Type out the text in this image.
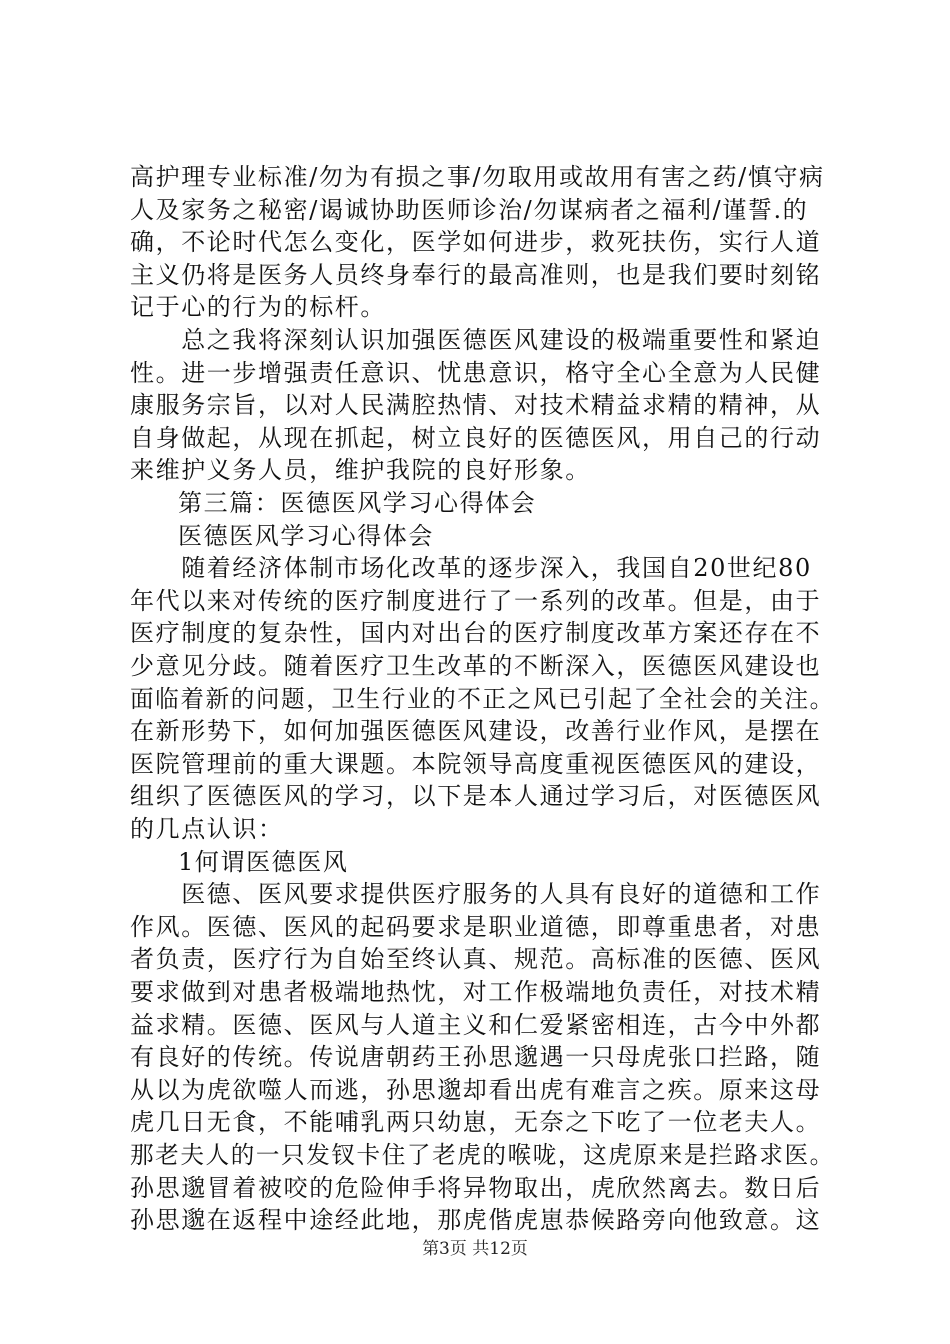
高护理专业标准/勿为有损之事/勿取用或故用有害之药/慎守病
人及家务之秘密/谒诚协助医师诊治/勿谋病者之福利/谨誓.的
确，不论时代怎么变化，医学如何进步，救死扶伤，实行人道
主义仍将是医务人员终身奉行的最高准则，也是我们要时刻铭
记于心的行为的标杆。
　　总之我将深刻认识加强医德医风建设的极端重要性和紧迫
性。进一步增强责任意识、忧患意识，格守全心全意为人民健
康服务宗旨，以对人民满腔热情、对技术精益求精的精神，从
自身做起，从现在抓起，树立良好的医德医风，用自己的行动
来维护义务人员，维护我院的良好形象。
第三篇：医德医风学习心得体会
医德医风学习心得体会
　　随着经济体制市场化改革的逐步深入，我国自20世纪80
年代以来对传统的医疗制度进行了一系列的改革。但是，由于
医疗制度的复杂性，国内对出台的医疗制度改革方案还存在不
少意见分歧。随着医疗卫生改革的不断深入，医德医风建设也
面临着新的问题，卫生行业的不正之风已引起了全社会的关注。
在新形势下，如何加强医德医风建设，改善行业作风，是摆在
医院管理前的重大课题。本院领导高度重视医德医风的建设，
组织了医德医风的学习，以下是本人通过学习后，对医德医风
的几点认识：
1何谓医德医风
　　医德、医风要求提供医疗服务的人具有良好的道德和工作
作风。医德、医风的起码要求是职业道德，即尊重患者，对患
者负责，医疗行为自始至终认真、规范。高标准的医德、医风
要求做到对患者极端地热忱，对工作极端地负责任，对技术精
益求精。医德、医风与人道主义和仁爱紧密相连，古今中外都
有良好的传统。传说唐朝药王孙思邈遇一只母虎张口拦路，随
从以为虎欲噬人而逃，孙思邈却看出虎有难言之疾。原来这母
虎几日无食，不能哺乳两只幼崽，无奈之下吃了一位老夫人。
那老夫人的一只发钗卡住了老虎的喉咙，这虎原来是拦路求医。
孙思邈冒着被咬的危险伸手将异物取出，虎欣然离去。数日后
孙思邈在返程中途经此地，那虎偕虎崽恭候路旁向他致意。这
第3页 共12页
